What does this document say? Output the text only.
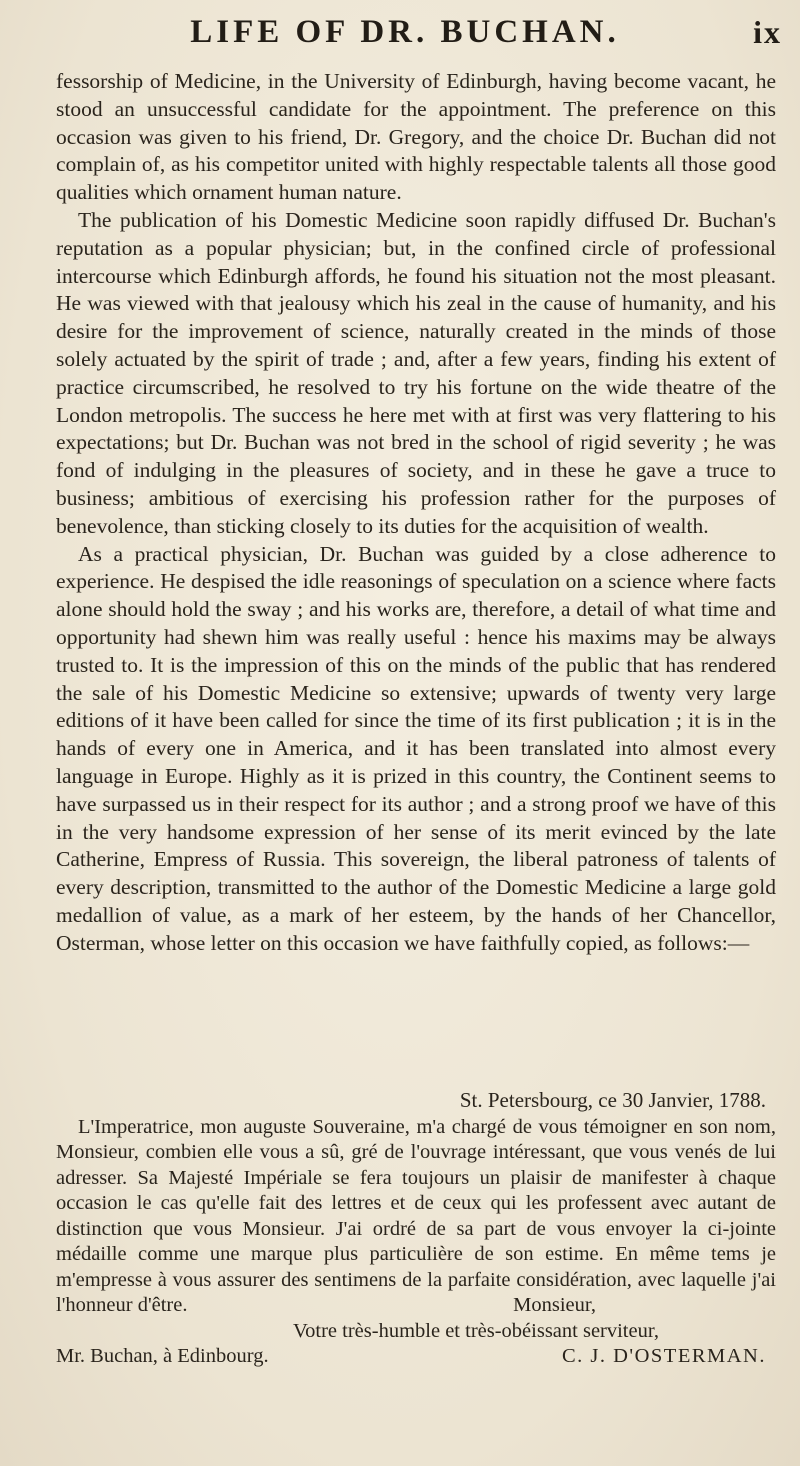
LIFE OF DR. BUCHAN.	ix

fessorship of Medicine, in the University of Edinburgh, having become vacant, he stood an unsuccessful candidate for the appointment. The preference on this occasion was given to his friend, Dr. Gregory, and the choice Dr. Buchan did not complain of, as his competitor united with highly respectable talents all those good qualities which ornament human nature.

The publication of his Domestic Medicine soon rapidly diffused Dr. Buchan's reputation as a popular physician; but, in the confined circle of professional intercourse which Edinburgh affords, he found his situation not the most pleasant. He was viewed with that jealousy which his zeal in the cause of humanity, and his desire for the improvement of science, naturally created in the minds of those solely actuated by the spirit of trade ; and, after a few years, finding his extent of practice circumscribed, he resolved to try his fortune on the wide theatre of the London metropolis. The success he here met with at first was very flattering to his expectations; but Dr. Buchan was not bred in the school of rigid severity ; he was fond of indulging in the pleasures of society, and in these he gave a truce to business; ambitious of exercising his profession rather for the purposes of benevolence, than sticking closely to its duties for the acquisition of wealth.

As a practical physician, Dr. Buchan was guided by a close adherence to experience. He despised the idle reasonings of speculation on a science where facts alone should hold the sway ; and his works are, therefore, a detail of what time and opportunity had shewn him was really useful : hence his maxims may be always trusted to. It is the impression of this on the minds of the public that has rendered the sale of his Domestic Medicine so extensive; upwards of twenty very large editions of it have been called for since the time of its first publication ; it is in the hands of every one in America, and it has been translated into almost every language in Europe. Highly as it is prized in this country, the Continent seems to have surpassed us in their respect for its author ; and a strong proof we have of this in the very handsome expression of her sense of its merit evinced by the late Catherine, Empress of Russia. This sovereign, the liberal patroness of talents of every description, transmitted to the author of the Domestic Medicine a large gold medallion of value, as a mark of her esteem, by the hands of her Chancellor, Osterman, whose letter on this occasion we have faithfully copied, as follows:—

St. Petersbourg, ce 30 Janvier, 1788.
L'Imperatrice, mon auguste Souveraine, m'a chargé de vous témoigner en son nom, Monsieur, combien elle vous a sû, gré de l'ouvrage intéressant, que vous venés de lui adresser. Sa Majesté Impériale se fera toujours un plaisir de manifester à chaque occasion le cas qu'elle fait des lettres et de ceux qui les professent avec autant de distinction que vous Monsieur. J'ai ordré de sa part de vous envoyer la ci-jointe médaille comme une marque plus particulière de son estime. En même tems je m'empresse à vous assurer des sentimens de la parfaite considération, avec laquelle j'ai l'honneur d'être.	Monsieur,
Votre très-humble et très-obéissant serviteur,
Mr. Buchan, à Edinbourg.	C. J. D'OSTERMAN.
